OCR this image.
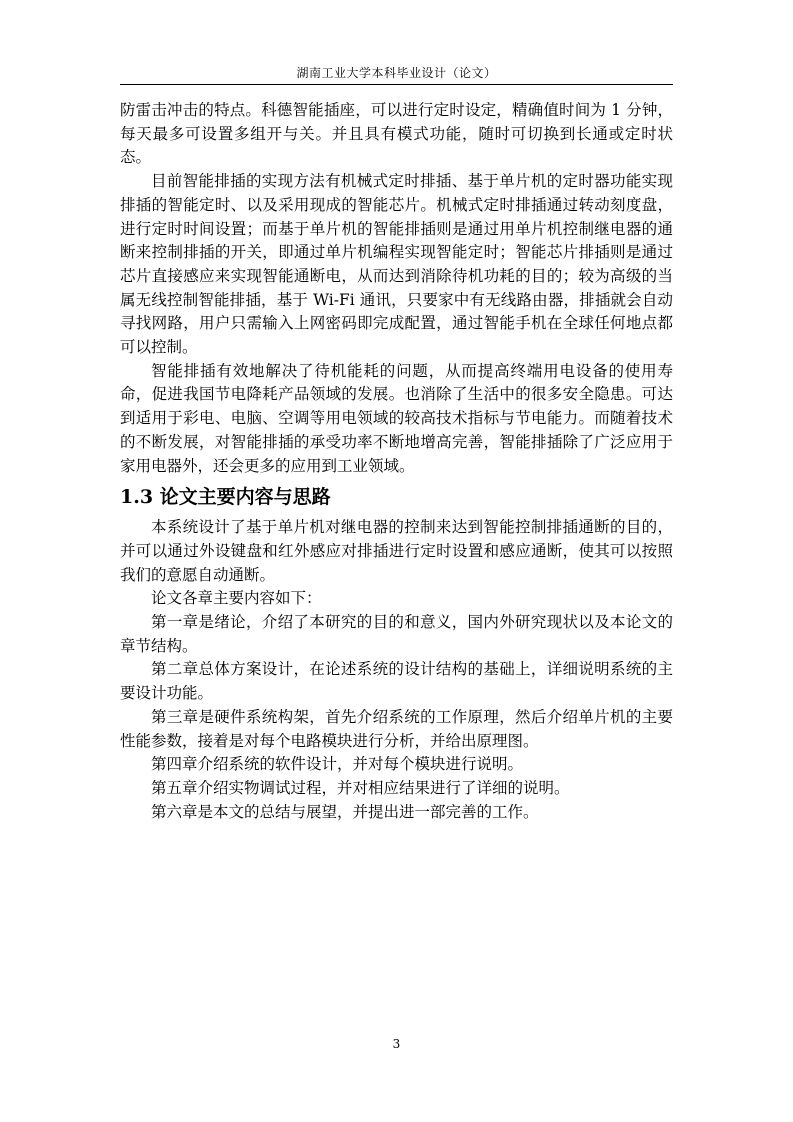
湖南工业大学本科毕业设计（论文）

防雷击冲击的特点。科德智能插座，可以进行定时设定，精确值时间为 1 分钟，每天最多可设置多组开与关。并且具有模式功能，随时可切换到长通或定时状态。

目前智能排插的实现方法有机械式定时排插、基于单片机的定时器功能实现排插的智能定时、以及采用现成的智能芯片。机械式定时排插通过转动刻度盘，进行定时时间设置；而基于单片机的智能排插则是通过用单片机控制继电器的通断来控制排插的开关，即通过单片机编程实现智能定时；智能芯片排插则是通过芯片直接感应来实现智能通断电，从而达到消除待机功耗的目的；较为高级的当属无线控制智能排插，基于 Wi-Fi 通讯，只要家中有无线路由器，排插就会自动寻找网路，用户只需输入上网密码即完成配置，通过智能手机在全球任何地点都可以控制。

智能排插有效地解决了待机能耗的问题，从而提高终端用电设备的使用寿命，促进我国节电降耗产品领域的发展。也消除了生活中的很多安全隐患。可达到适用于彩电、电脑、空调等用电领域的较高技术指标与节电能力。而随着技术的不断发展，对智能排插的承受功率不断地增高完善，智能排插除了广泛应用于家用电器外，还会更多的应用到工业领域。

1.3 论文主要内容与思路

本系统设计了基于单片机对继电器的控制来达到智能控制排插通断的目的，并可以通过外设键盘和红外感应对排插进行定时设置和感应通断，使其可以按照我们的意愿自动通断。

论文各章主要内容如下：

第一章是绪论，介绍了本研究的目的和意义，国内外研究现状以及本论文的章节结构。

第二章总体方案设计，在论述系统的设计结构的基础上，详细说明系统的主要设计功能。

第三章是硬件系统构架，首先介绍系统的工作原理，然后介绍单片机的主要性能参数，接着是对每个电路模块进行分析，并给出原理图。

第四章介绍系统的软件设计，并对每个模块进行说明。

第五章介绍实物调试过程，并对相应结果进行了详细的说明。

第六章是本文的总结与展望，并提出进一部完善的工作。

3
